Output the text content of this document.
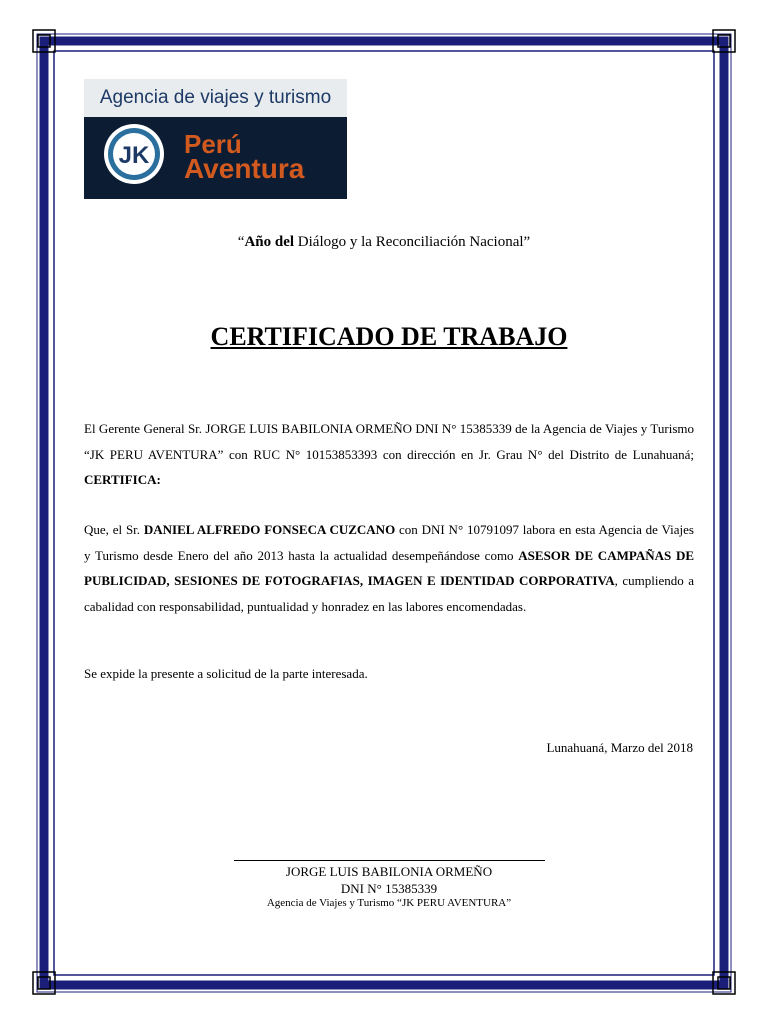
Agencia de viajes y turismo
JK Perú
Aventura
“Año del Diálogo y la Reconciliación Nacional”
CERTIFICADO DE TRABAJO
El Gerente General Sr. JORGE LUIS BABILONIA ORMEÑO DNI N° 15385339 de la Agencia de Viajes y Turismo “JK PERU AVENTURA” con RUC N° 10153853393 con dirección en Jr. Grau N° del Distrito de Lunahuaná; CERTIFICA:
Que, el Sr. DANIEL ALFREDO FONSECA CUZCANO con DNI N° 10791097 labora en esta Agencia de Viajes y Turismo desde Enero del año 2013 hasta la actualidad desempeñándose como ASESOR DE CAMPAÑAS DE PUBLICIDAD, SESIONES DE FOTOGRAFIAS, IMAGEN E IDENTIDAD CORPORATIVA, cumpliendo a cabalidad con responsabilidad, puntualidad y honradez en las labores encomendadas.
Se expide la presente a solicitud de la parte interesada.
Lunahuaná, Marzo del 2018
JORGE LUIS BABILONIA ORMEÑO
DNI N° 15385339
Agencia de Viajes y Turismo “JK PERU AVENTURA”
